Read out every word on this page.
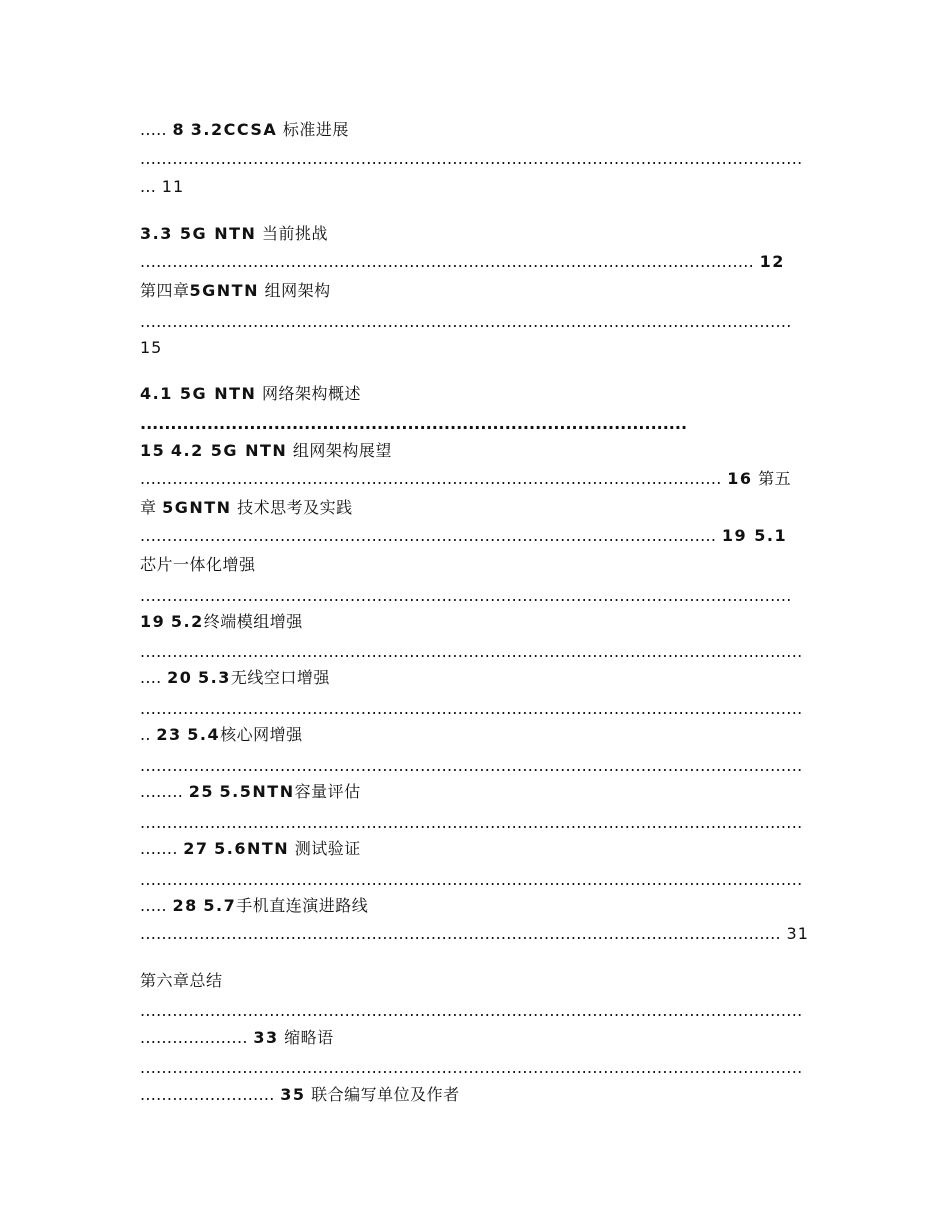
..... 8 3.2CCSA 标准进展
...........................................................................................................................
... 11
3.3 5G NTN 当前挑战
.................................................................................................................. 12
第四章5GNTN 组网架构
.........................................................................................................................
15
4.1 5G NTN 网络架构概述
..........................................................................................
15 4.2 5G NTN 组网架构展望
............................................................................................................ 16 第五
章 5GNTN 技术思考及实践
........................................................................................................... 19 5.1
芯片一体化增强
.........................................................................................................................
19 5.2终端模组增强
...........................................................................................................................
.... 20 5.3无线空口增强
...........................................................................................................................
.. 23 5.4核心网增强
...........................................................................................................................
........ 25 5.5NTN容量评估
...........................................................................................................................
....... 27 5.6NTN 测试验证
...........................................................................................................................
..... 28 5.7手机直连演进路线
....................................................................................................................... 31
第六章总结
...........................................................................................................................
.................... 33 缩略语
...........................................................................................................................
......................... 35 联合编写单位及作者
